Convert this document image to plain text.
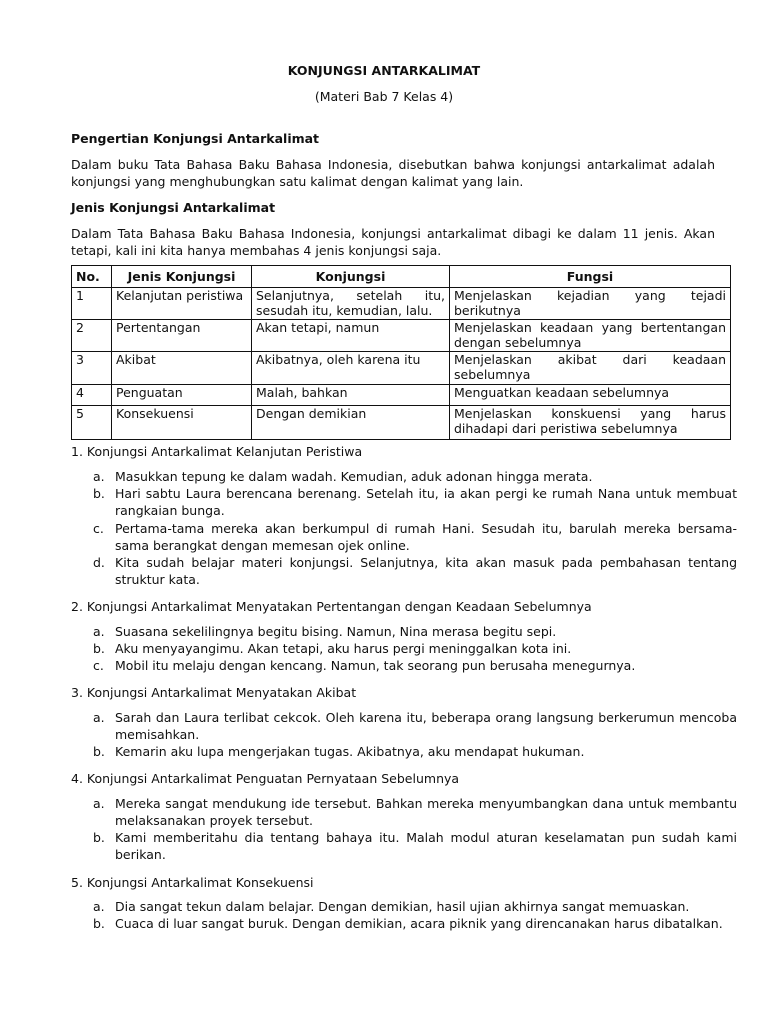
KONJUNGSI ANTARKALIMAT
(Materi Bab 7 Kelas 4)
Pengertian Konjungsi Antarkalimat
Dalam buku Tata Bahasa Baku Bahasa Indonesia, disebutkan bahwa konjungsi antarkalimat adalah konjungsi yang menghubungkan satu kalimat dengan kalimat yang lain.
Jenis Konjungsi Antarkalimat
Dalam Tata Bahasa Baku Bahasa Indonesia, konjungsi antarkalimat dibagi ke dalam 11 jenis. Akan tetapi, kali ini kita hanya membahas 4 jenis konjungsi saja.
No.	Jenis Konjungsi	Konjungsi	Fungsi
1	Kelanjutan peristiwa	Selanjutnya, setelah itu, sesudah itu, kemudian, lalu.	Menjelaskan kejadian yang tejadi berikutnya
2	Pertentangan	Akan tetapi, namun	Menjelaskan keadaan yang bertentangan dengan sebelumnya
3	Akibat	Akibatnya, oleh karena itu	Menjelaskan akibat dari keadaan sebelumnya
4	Penguatan	Malah, bahkan	Menguatkan keadaan sebelumnya
5	Konsekuensi	Dengan demikian	Menjelaskan konskuensi yang harus dihadapi dari peristiwa sebelumnya
1. Konjungsi Antarkalimat Kelanjutan Peristiwa
a. Masukkan tepung ke dalam wadah. Kemudian, aduk adonan hingga merata.
b. Hari sabtu Laura berencana berenang. Setelah itu, ia akan pergi ke rumah Nana untuk membuat rangkaian bunga.
c. Pertama-tama mereka akan berkumpul di rumah Hani. Sesudah itu, barulah mereka bersama-sama berangkat dengan memesan ojek online.
d. Kita sudah belajar materi konjungsi. Selanjutnya, kita akan masuk pada pembahasan tentang struktur kata.
2. Konjungsi Antarkalimat Menyatakan Pertentangan dengan Keadaan Sebelumnya
a. Suasana sekelilingnya begitu bising. Namun, Nina merasa begitu sepi.
b. Aku menyayangimu. Akan tetapi, aku harus pergi meninggalkan kota ini.
c. Mobil itu melaju dengan kencang. Namun, tak seorang pun berusaha menegurnya.
3. Konjungsi Antarkalimat Menyatakan Akibat
a. Sarah dan Laura terlibat cekcok. Oleh karena itu, beberapa orang langsung berkerumun mencoba memisahkan.
b. Kemarin aku lupa mengerjakan tugas. Akibatnya, aku mendapat hukuman.
4. Konjungsi Antarkalimat Penguatan Pernyataan Sebelumnya
a. Mereka sangat mendukung ide tersebut. Bahkan mereka menyumbangkan dana untuk membantu melaksanakan proyek tersebut.
b. Kami memberitahu dia tentang bahaya itu. Malah modul aturan keselamatan pun sudah kami berikan.
5. Konjungsi Antarkalimat Konsekuensi
a. Dia sangat tekun dalam belajar. Dengan demikian, hasil ujian akhirnya sangat memuaskan.
b. Cuaca di luar sangat buruk. Dengan demikian, acara piknik yang direncanakan harus dibatalkan.
